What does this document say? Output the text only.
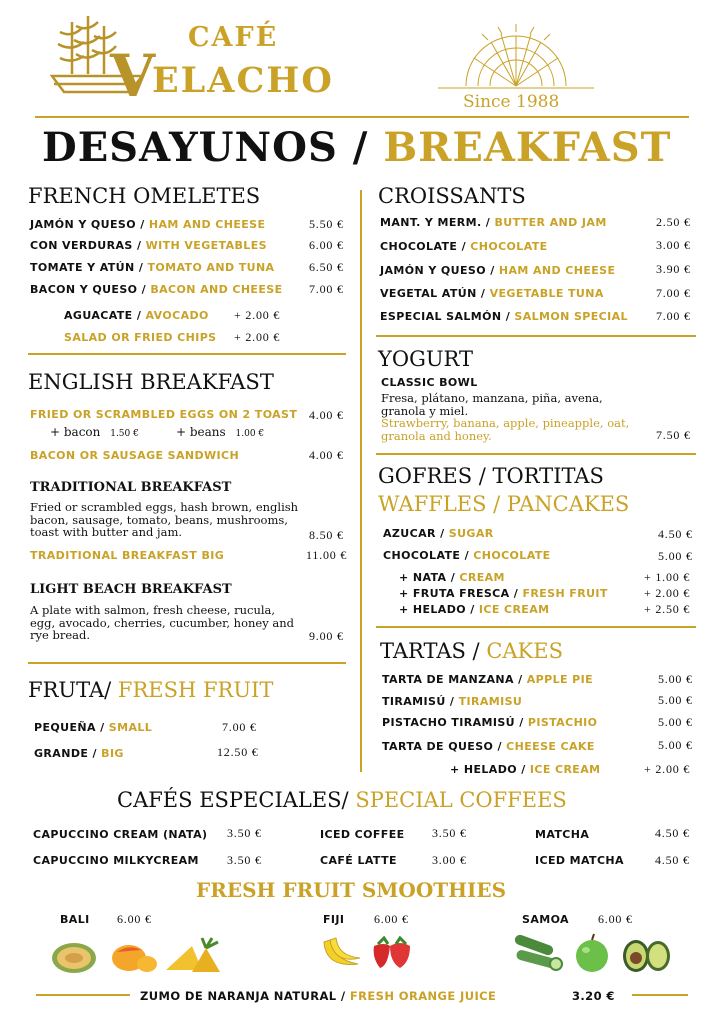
CAFÉ
V
ELACHO
Since 1988
DESAYUNOS / BREAKFAST
FRENCH OMELETES
JAMÓN Y QUESO / HAM AND CHEESE	5.50 €
CON VERDURAS / WITH VEGETABLES	6.00 €
TOMATE Y ATÚN / TOMATO AND TUNA	6.50 €
BACON Y QUESO / BACON AND CHEESE 7.00 €
AGUACATE / AVOCADO + 2.00 €
SALAD OR FRIED CHIPS + 2.00 €
ENGLISH BREAKFAST
FRIED OR SCRAMBLED EGGS ON 2 TOAST 4.00 €
+ bacon 1.50 €	+ beans 1.00 €
BACON OR SAUSAGE SANDWICH	4.00 €
TRADITIONAL BREAKFAST
Fried or scrambled eggs, hash brown, english bacon, sausage, tomato, beans, mushrooms, toast with butter and jam.	8.50 €
TRADITIONAL BREAKFAST BIG	11.00 €
LIGHT BEACH BREAKFAST
A plate with salmon, fresh cheese, rucula, egg, avocado, cherries, cucumber, honey and rye bread.	9.00 €
FRUTA/ FRESH FRUIT
PEQUEÑA / SMALL	7.00 €
GRANDE / BIG	12.50 €
CROISSANTS
MANT. Y MERM. / BUTTER AND JAM	2.50 €
CHOCOLATE / CHOCOLATE	3.00 €
JAMÓN Y QUESO / HAM AND CHEESE	3.90 €
VEGETAL ATÚN / VEGETABLE TUNA	7.00 €
ESPECIAL SALMÓN / SALMON SPECIAL 7.00 €
YOGURT
CLASSIC BOWL
Fresa, plátano, manzana, piña, avena, granola y miel.
Strawberry, banana, apple, pineapple, oat, granola and honey.	7.50 €
GOFRES / TORTITAS
WAFFLES / PANCAKES
AZUCAR / SUGAR	4.50 €
CHOCOLATE / CHOCOLATE	5.00 €
+ NATA / CREAM	+ 1.00 €
+ FRUTA FRESCA / FRESH FRUIT	+ 2.00 €
+ HELADO / ICE CREAM	+ 2.50 €
TARTAS / CAKES
TARTA DE MANZANA / APPLE PIE	5.00 €
TIRAMISÚ / TIRAMISU	5.00 €
PISTACHO TIRAMISÚ / PISTACHIO	5.00 €
TARTA DE QUESO / CHEESE CAKE	5.00 €
+ HELADO / ICE CREAM	+ 2.00 €
CAFÉS ESPECIALES/ SPECIAL COFFEES
CAPUCCINO CREAM (NATA) 3.50 €	ICED COFFEE 3.50 €	MATCHA	4.50 €
CAPUCCINO MILKYCREAM 3.50 €	CAFÉ LATTE	3.00 €	ICED MATCHA	4.50 €
FRESH FRUIT SMOOTHIES
BALI 6.00 €	FIJI 6.00 €	SAMOA 6.00 €
ZUMO DE NARANJA NATURAL / FRESH ORANGE JUICE	3.20 €
